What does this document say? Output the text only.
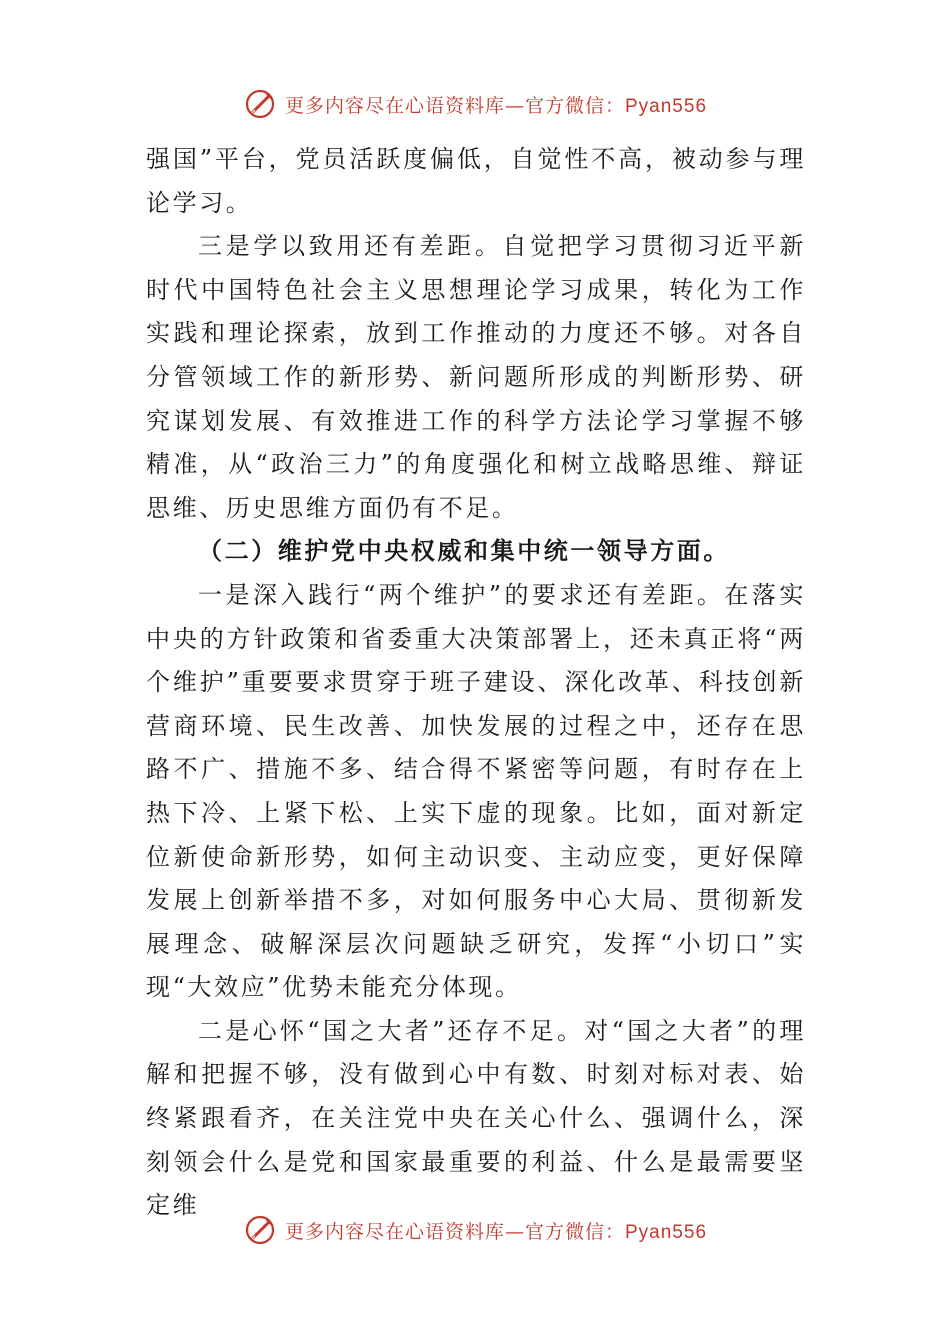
更多内容尽在心语资料库—官方微信：Pyan556

强国”平台，党员活跃度偏低，自觉性不高，被动参与理论学习。

三是学以致用还有差距。自觉把学习贯彻习近平新时代中国特色社会主义思想理论学习成果，转化为工作实践和理论探索，放到工作推动的力度还不够。对各自分管领域工作的新形势、新问题所形成的判断形势、研究谋划发展、有效推进工作的科学方法论学习掌握不够精准，从“政治三力”的角度强化和树立战略思维、辩证思维、历史思维方面仍有不足。

（二）维护党中央权威和集中统一领导方面。

一是深入践行“两个维护”的要求还有差距。在落实中央的方针政策和省委重大决策部署上，还未真正将“两个维护”重要要求贯穿于班子建设、深化改革、科技创新营商环境、民生改善、加快发展的过程之中，还存在思路不广、措施不多、结合得不紧密等问题，有时存在上热下冷、上紧下松、上实下虚的现象。比如，面对新定位新使命新形势，如何主动识变、主动应变，更好保障发展上创新举措不多，对如何服务中心大局、贯彻新发展理念、破解深层次问题缺乏研究，发挥“小切口”实现“大效应”优势未能充分体现。

二是心怀“国之大者”还存不足。对“国之大者”的理解和把握不够，没有做到心中有数、时刻对标对表、始终紧跟看齐，在关注党中央在关心什么、强调什么，深刻领会什么是党和国家最重要的利益、什么是最需要坚定维

更多内容尽在心语资料库—官方微信：Pyan556
